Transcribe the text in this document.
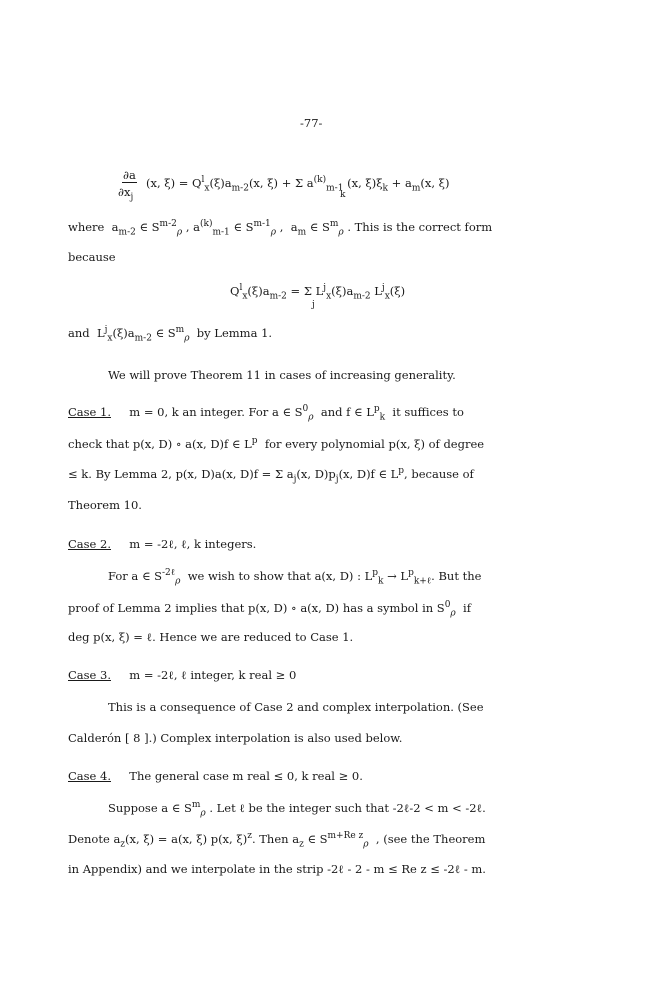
-77-
∂a
$\partial x_j$
(x, $\xi) = Q^l_x(\xi)a_{m-2}(x$, ξ) + Σ $a^{(k)}_{m-1}$ (x, $\xi)\xi_k + a_m(x$, ξ)
k
where $a_{m-2}$ ∈ $S^{m-2}_\rho$ , $a^{(k)}_{m-1}$ ∈ $S^{m-1}_\rho$ , $a_m$ ∈ $S^m_\rho$ . This is the correct form
because
$Q^l_x(\xi)a_{m-2} = \Sigma$ $L^j_x(\xi)a_{m-2}$ $L^j_x(\xi)$
j
and $L^j_x(\xi)a_{m-2}$ ∈ $S^m_\rho$ by Lemma 1.
We will prove Theorem 11 in cases of increasing generality.
Case 1. m = 0, k an integer. For a ∈ $S^0_\rho$ and f ∈ $L^p_k$ it suffices to
check that p(x, D) ∘ a(x, D)f ∈ $L^p$ for every polynomial p(x, ξ) of degree
≤ k. By Lemma 2, p(x, D)a(x, D)f = Σ $a_j(x$, $D)p_j(x$, D)f ∈ $L^p$, because of
Theorem 10.
Case 2. m = -2ℓ, ℓ, k integers.
For a ∈ $S^{-2\ell}_\rho$ we wish to show that a(x, D) : $L^p_k \to L^p_{k+\ell}$. But the
proof of Lemma 2 implies that p(x, D) ∘ a(x, D) has a symbol in $S^0_\rho$ if
deg p(x, ξ) = ℓ. Hence we are reduced to Case 1.
Case 3. m = -2ℓ, ℓ integer, k real ≥ 0
This is a consequence of Case 2 and complex interpolation. (See
Calderón [ 8 ].) Complex interpolation is also used below.
Case 4. The general case m real ≤ 0, k real ≥ 0.
Suppose a ∈ $S^m_\rho$ . Let ℓ be the integer such that -2ℓ-2 < m < -2ℓ.
Denote $a_z(x$, ξ) = a(x, ξ) p(x, ξ)$^z$. Then $a_z$ ∈ $S^{m+Re z}_\rho$ , (see the Theorem
in Appendix) and we interpolate in the strip -2ℓ - 2 - m ≤ Re z ≤ -2ℓ - m.
